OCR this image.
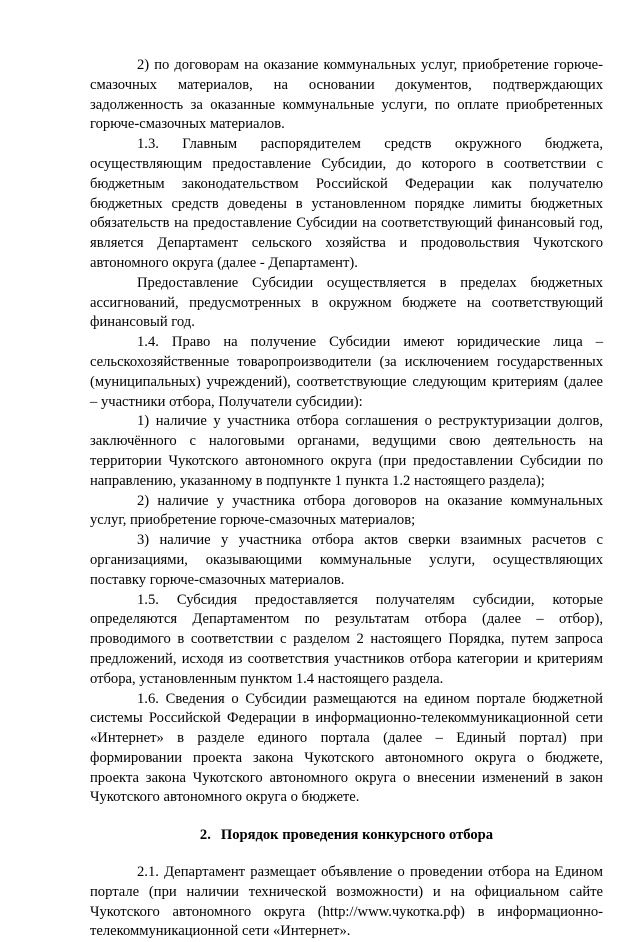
2) по договорам на оказание коммунальных услуг, приобретение горюче-смазочных материалов, на основании документов, подтверждающих задолженность за оказанные коммунальные услуги, по оплате приобретенных горюче-смазочных материалов.

1.3. Главным распорядителем средств окружного бюджета, осуществляющим предоставление Субсидии, до которого в соответствии с бюджетным законодательством Российской Федерации как получателю бюджетных средств доведены в установленном порядке лимиты бюджетных обязательств на предоставление Субсидии на соответствующий финансовый год, является Департамент сельского хозяйства и продовольствия Чукотского автономного округа (далее - Департамент).

Предоставление Субсидии осуществляется в пределах бюджетных ассигнований, предусмотренных в окружном бюджете на соответствующий финансовый год.

1.4. Право на получение Субсидии имеют юридические лица – сельскохозяйственные товаропроизводители (за исключением государственных (муниципальных) учреждений), соответствующие следующим критериям (далее – участники отбора, Получатели субсидии):

1) наличие у участника отбора соглашения о реструктуризации долгов, заключённого с налоговыми органами, ведущими свою деятельность на территории Чукотского автономного округа (при предоставлении Субсидии по направлению, указанному в подпункте 1 пункта 1.2 настоящего раздела);

2) наличие у участника отбора договоров на оказание коммунальных услуг, приобретение горюче-смазочных материалов;

3) наличие у участника отбора актов сверки взаимных расчетов с организациями, оказывающими коммунальные услуги, осуществляющих поставку горюче-смазочных материалов.

1.5. Субсидия предоставляется получателям субсидии, которые определяются Департаментом по результатам отбора (далее – отбор), проводимого в соответствии с разделом 2 настоящего Порядка, путем запроса предложений, исходя из соответствия участников отбора категории и критериям отбора, установленным пунктом 1.4 настоящего раздела.

1.6. Сведения о Субсидии размещаются на едином портале бюджетной системы Российской Федерации в информационно-телекоммуникационной сети «Интернет» в разделе единого портала (далее – Единый портал) при формировании проекта закона Чукотского автономного округа о бюджете, проекта закона Чукотского автономного округа о внесении изменений в закон Чукотского автономного округа о бюджете.

2. Порядок проведения конкурсного отбора

2.1. Департамент размещает объявление о проведении отбора на Едином портале (при наличии технической возможности) и на официальном сайте Чукотского автономного округа (http://www.чукотка.рф) в информационно-телекоммуникационной сети «Интернет».
